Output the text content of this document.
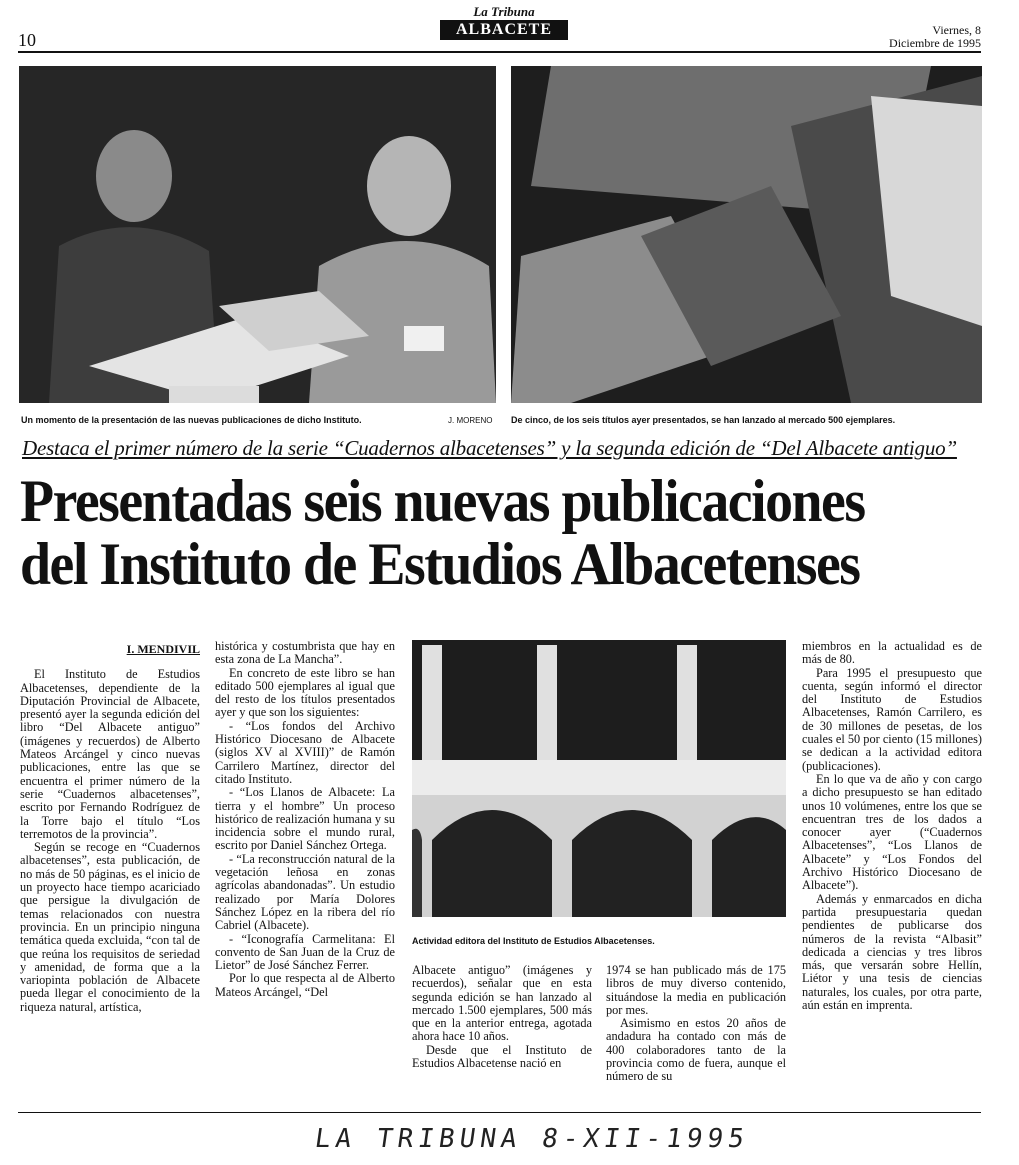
10
La Tribuna
ALBACETE	Viernes, 8
Diciembre de 1995
Un momento de la presentación de las nuevas publicaciones de dicho Instituto.	J. MORENO De cinco, de los seis títulos ayer presentados, se han lanzado al mercado 500 ejemplares.
Destaca el primer número de la serie “Cuadernos albacetenses” y la segunda edición de “Del Albacete antiguo”
Presentadas seis nuevas publicaciones
del Instituto de Estudios Albacetenses

I. MENDIVIL

El Instituto de Estudios Albacetenses, dependiente de la Diputación Provincial de Albacete, presentó ayer la segunda edición del libro “Del Albacete antiguo” (imágenes y recuerdos) de Alberto Mateos Arcángel y cinco nuevas publicaciones, entre las que se encuentra el primer número de la serie “Cuadernos albacetenses”, escrito por Fernando Rodríguez de la Torre bajo el título “Los terremotos de la provincia”.

Según se recoge en “Cuadernos albacetenses”, esta publicación, de no más de 50 páginas, es el inicio de un proyecto hace tiempo acariciado que persigue la divulgación de temas relacionados con nuestra provincia. En un principio ninguna temática queda excluida, “con tal de que reúna los requisitos de seriedad y amenidad, de forma que a la variopinta población de Albacete pueda llegar el conocimiento de la riqueza natural, artística,

histórica y costumbrista que hay en esta zona de La Mancha”.

En concreto de este libro se han editado 500 ejemplares al igual que del resto de los títulos presentados ayer y que son los siguientes:

- “Los fondos del Archivo Histórico Diocesano de Albacete (siglos XV al XVIII)” de Ramón Carrilero Martínez, director del citado Instituto.

- “Los Llanos de Albacete: La tierra y el hombre” Un proceso histórico de realización humana y su incidencia sobre el mundo rural, escrito por Daniel Sánchez Ortega.

- “La reconstrucción natural de la vegetación leñosa en zonas agrícolas abandonadas”. Un estudio realizado por María Dolores Sánchez López en la ribera del río Cabriel (Albacete).

- “Iconografía Carmelitana: El convento de San Juan de la Cruz de Lietor” de José Sánchez Ferrer.

Por lo que respecta al de Alberto Mateos Arcángel, “Del

Actividad editora del Instituto de Estudios Albacetenses.

Albacete antiguo” (imágenes y recuerdos), señalar que en esta segunda edición se han lanzado al mercado 1.500 ejemplares, 500 más que en la anterior entrega, agotada ahora hace 10 años.

Desde que el Instituto de Estudios Albacetense nació en

1974 se han publicado más de 175 libros de muy diverso contenido, situándose la media en publicación por mes.

Asimismo en estos 20 años de andadura ha contado con más de 400 colaboradores tanto de la provincia como de fuera, aunque el número de su

miembros en la actualidad es de más de 80.

Para 1995 el presupuesto que cuenta, según informó el director del Instituto de Estudios Albacetenses, Ramón Carrilero, es de 30 millones de pesetas, de los cuales el 50 por ciento (15 millones) se dedican a la actividad editora (publicaciones).

En lo que va de año y con cargo a dicho presupuesto se han editado unos 10 volúmenes, entre los que se encuentran tres de los dados a conocer ayer (“Cuadernos Albacetenses”, “Los Llanos de Albacete” y “Los Fondos del Archivo Histórico Diocesano de Albacete”).

Además y enmarcados en dicha partida presupuestaria quedan pendientes de publicarse dos números de la revista “Albasit” dedicada a ciencias y tres libros más, que versarán sobre Hellín, Liétor y una tesis de ciencias naturales, los cuales, por otra parte, aún están en imprenta.

LA TRIBUNA 8-XII-1995
